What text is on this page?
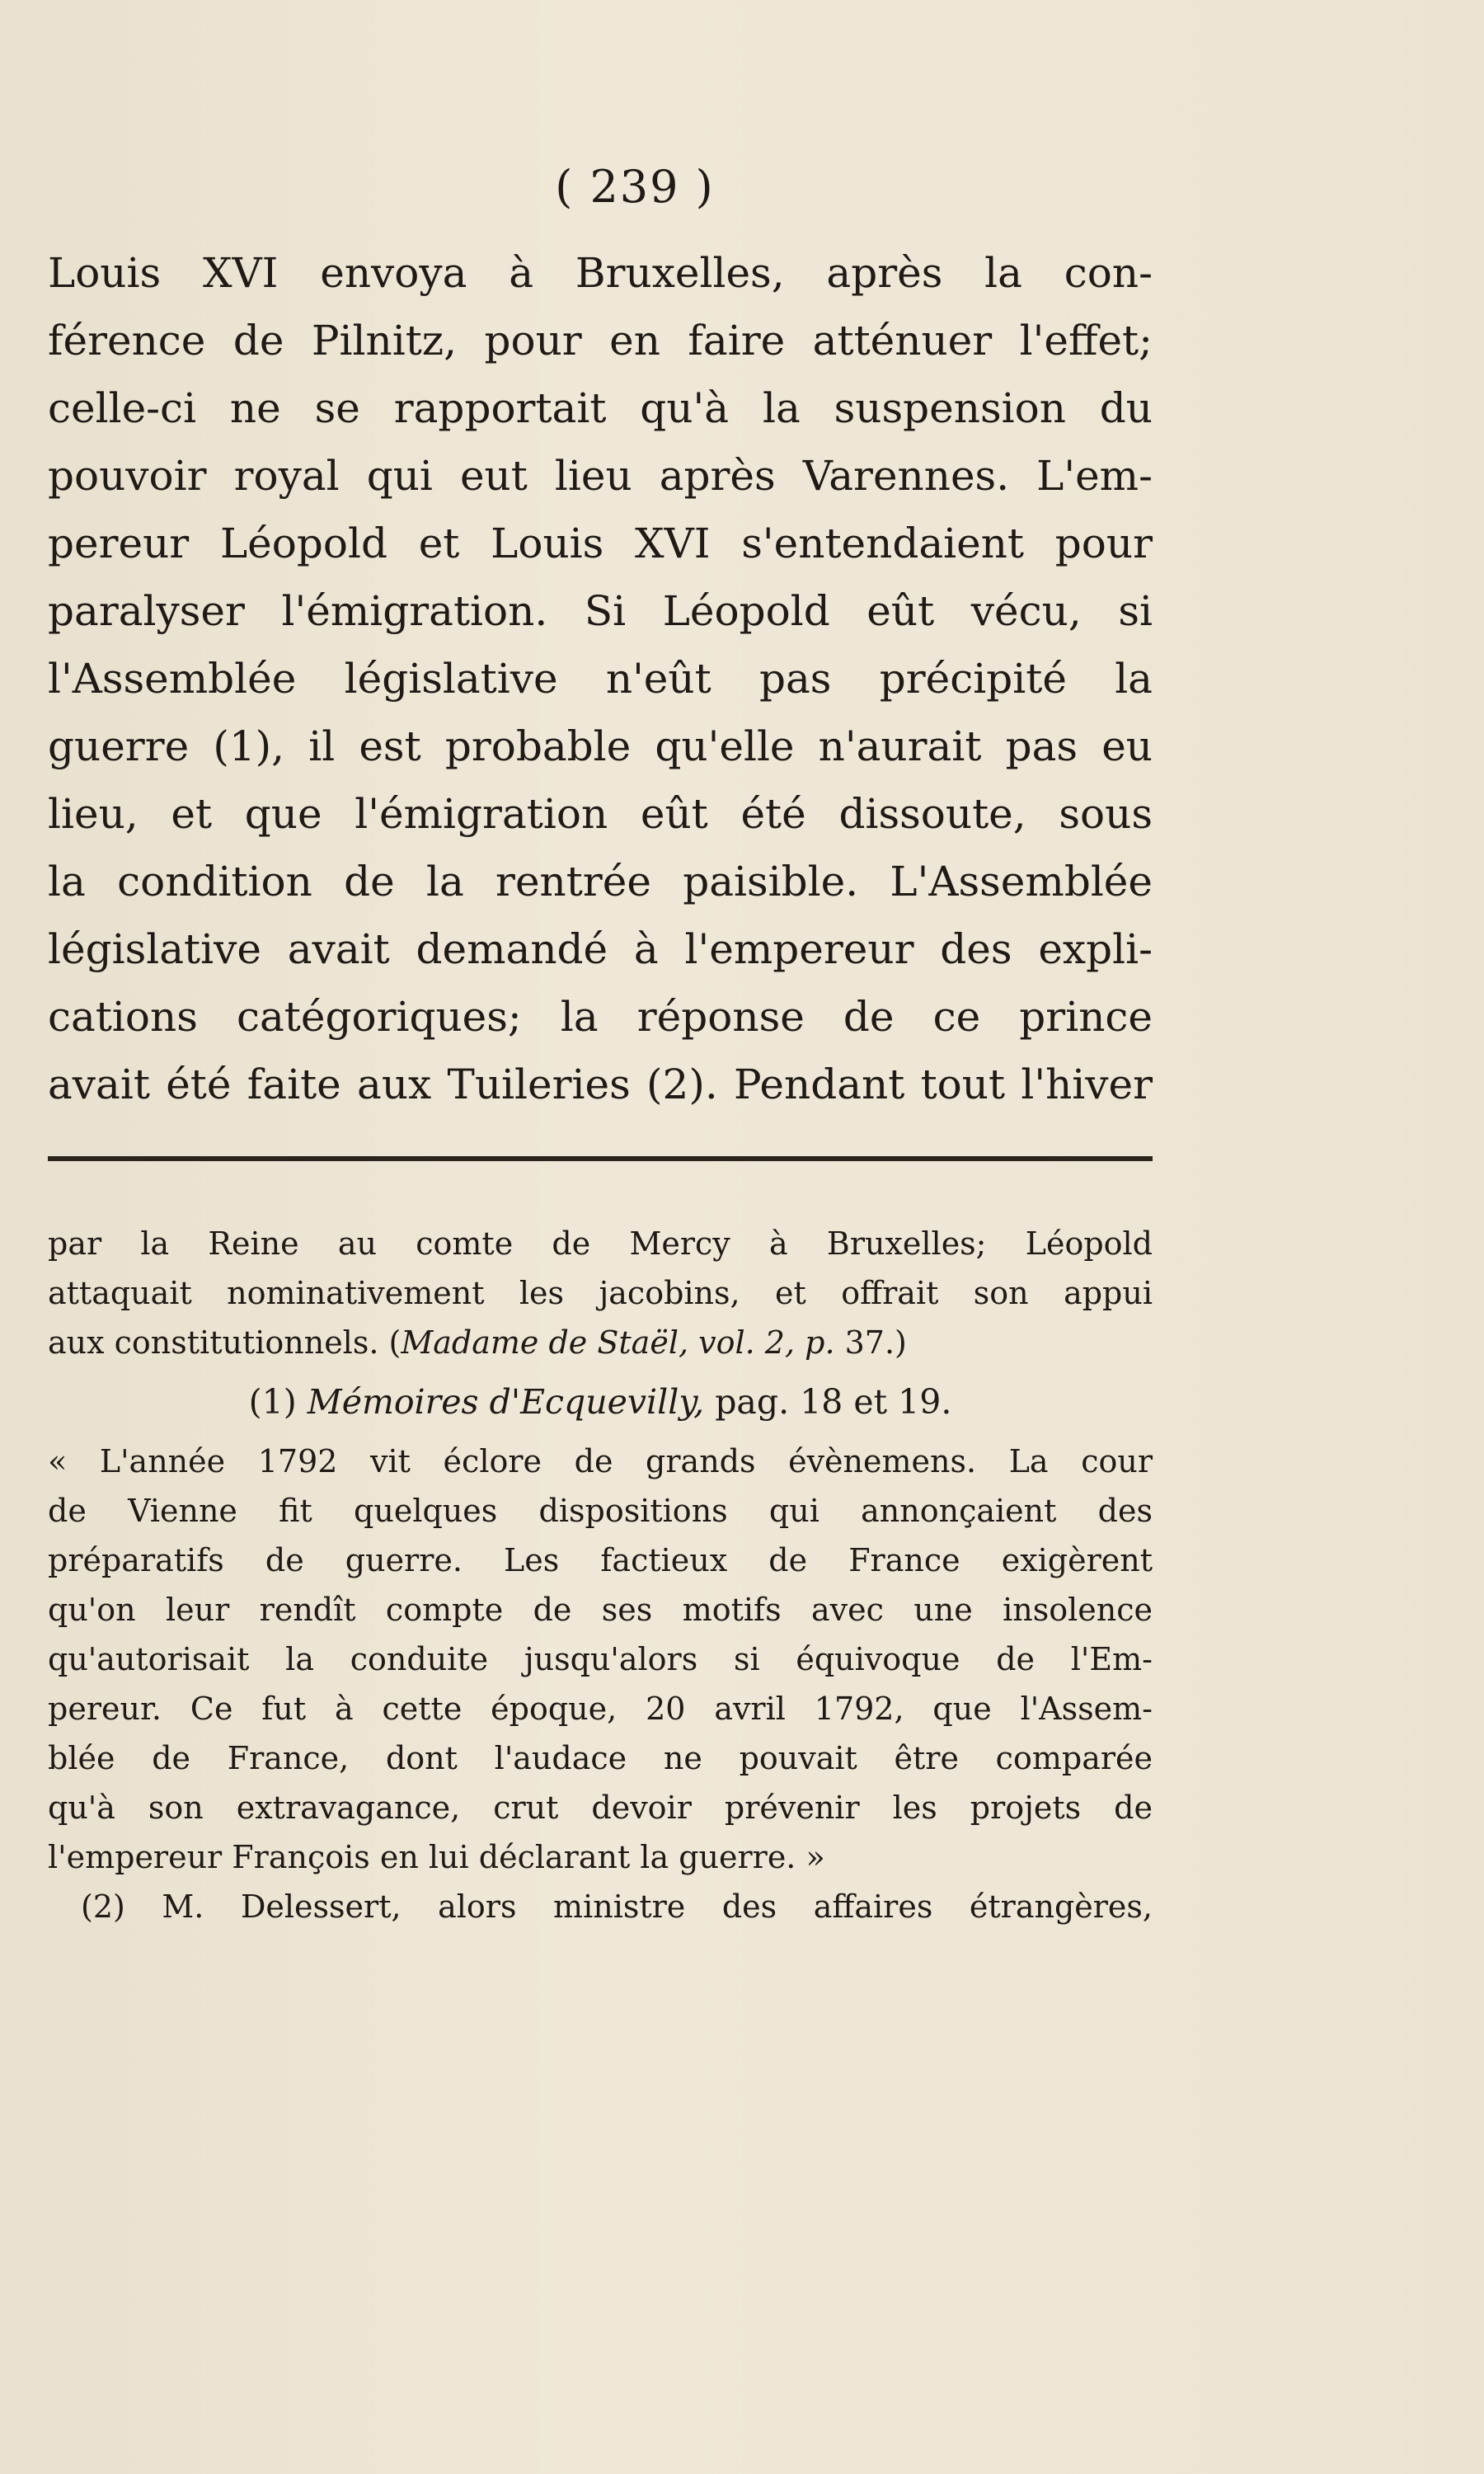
( 239 )
Louis XVI envoya à Bruxelles, après la con-
férence de Pilnitz, pour en faire atténuer l'effet;
celle-ci ne se rapportait qu'à la suspension du
pouvoir royal qui eut lieu après Varennes. L'em-
pereur Léopold et Louis XVI s'entendaient pour
paralyser l'émigration. Si Léopold eût vécu, si
l'Assemblée législative n'eût pas précipité la
guerre (1), il est probable qu'elle n'aurait pas eu
lieu, et que l'émigration eût été dissoute, sous
la condition de la rentrée paisible. L'Assemblée
législative avait demandé à l'empereur des expli-
cations catégoriques; la réponse de ce prince
avait été faite aux Tuileries (2). Pendant tout l'hiver
par la Reine au comte de Mercy à Bruxelles; Léopold
attaquait nominativement les jacobins, et offrait son appui
aux constitutionnels. (Madame de Staël, vol. 2, p. 37.)
(1) Mémoires d'Ecquevilly, pag. 18 et 19.
« L'année 1792 vit éclore de grands évènemens. La cour
de Vienne fit quelques dispositions qui annonçaient des
préparatifs de guerre. Les factieux de France exigèrent
qu'on leur rendît compte de ses motifs avec une insolence
qu'autorisait la conduite jusqu'alors si équivoque de l'Em-
pereur. Ce fut à cette époque, 20 avril 1792, que l'Assem-
blée de France, dont l'audace ne pouvait être comparée
qu'à son extravagance, crut devoir prévenir les projets de
l'empereur François en lui déclarant la guerre. »
(2) M. Delessert, alors ministre des affaires étrangères,
